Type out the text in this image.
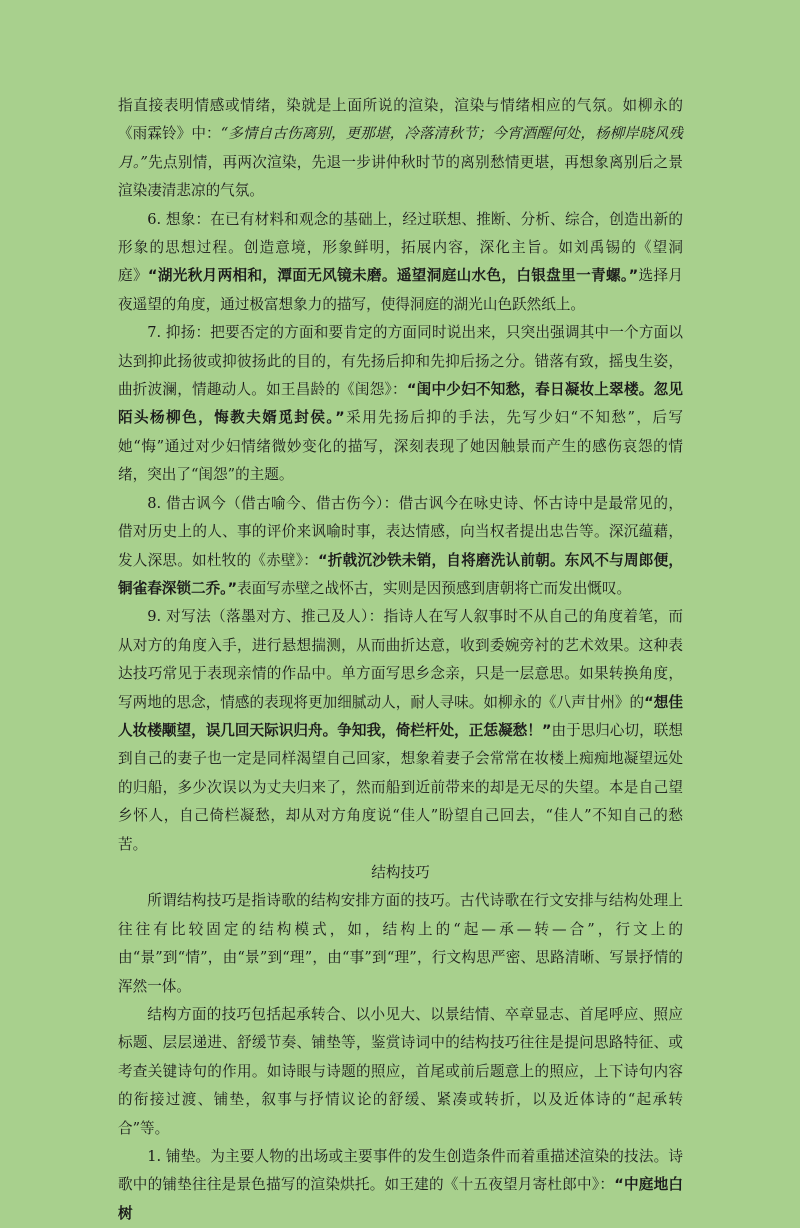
指直接表明情感或情绪，染就是上面所说的渲染，渲染与情绪相应的气氛。如柳永的《雨霖铃》中：“多情自古伤离别，更那堪，冷落清秋节；今宵酒醒何处，杨柳岸晓风残月。”先点别情，再两次渲染，先退一步讲仲秋时节的离别愁情更堪，再想象离别后之景渲染凄清悲凉的气氛。

6. 想象：在已有材料和观念的基础上，经过联想、推断、分析、综合，创造出新的形象的思想过程。创造意境，形象鲜明，拓展内容，深化主旨。如刘禹锡的《望洞庭》“湖光秋月两相和，潭面无风镜未磨。遥望洞庭山水色，白银盘里一青螺。”选择月夜遥望的角度，通过极富想象力的描写，使得洞庭的湖光山色跃然纸上。

7. 抑扬：把要否定的方面和要肯定的方面同时说出来，只突出强调其中一个方面以达到抑此扬彼或抑彼扬此的目的，有先扬后抑和先抑后扬之分。错落有致，摇曳生姿，曲折波澜，情趣动人。如王昌龄的《闺怨》：“闺中少妇不知愁，春日凝妆上翠楼。忽见陌头杨柳色，悔教夫婿觅封侯。”采用先扬后抑的手法，先写少妇“不知愁”，后写她“悔”通过对少妇情绪微妙变化的描写，深刻表现了她因触景而产生的感伤哀怨的情绪，突出了“闺怨”的主题。

8. 借古讽今（借古喻今、借古伤今）：借古讽今在咏史诗、怀古诗中是最常见的，借对历史上的人、事的评价来讽喻时事，表达情感，向当权者提出忠告等。深沉蕴藉，发人深思。如杜牧的《赤壁》：“折戟沉沙铁未销，自将磨洗认前朝。东风不与周郎便，铜雀春深锁二乔。”表面写赤壁之战怀古，实则是因预感到唐朝将亡而发出慨叹。

9. 对写法（落墨对方、推己及人）：指诗人在写人叙事时不从自己的角度着笔，而从对方的角度入手，进行悬想揣测，从而曲折达意，收到委婉旁衬的艺术效果。这种表达技巧常见于表现亲情的作品中。单方面写思乡念亲，只是一层意思。如果转换角度，写两地的思念，情感的表现将更加细腻动人，耐人寻味。如柳永的《八声甘州》的“想佳人妆楼颙望，误几回天际识归舟。争知我，倚栏杆处，正恁凝愁！”由于思归心切，联想到自己的妻子也一定是同样渴望自己回家，想象着妻子会常常在妆楼上痴痴地凝望远处的归船，多少次误以为丈夫归来了，然而船到近前带来的却是无尽的失望。本是自己望乡怀人，自己倚栏凝愁，却从对方角度说“佳人”盼望自己回去，“佳人”不知自己的愁苦。

结构技巧

所谓结构技巧是指诗歌的结构安排方面的技巧。古代诗歌在行文安排与结构处理上往往有比较固定的结构模式，如，结构上的“起—承—转—合”，行文上的由“景”到“情”，由“景”到“理”，由“事”到“理”，行文构思严密、思路清晰、写景抒情的浑然一体。

结构方面的技巧包括起承转合、以小见大、以景结情、卒章显志、首尾呼应、照应标题、层层递进、舒缓节奏、铺垫等，鉴赏诗词中的结构技巧往往是提问思路特征、或考查关键诗句的作用。如诗眼与诗题的照应，首尾或前后题意上的照应，上下诗句内容的衔接过渡、铺垫，叙事与抒情议论的舒缓、紧凑或转折，以及近体诗的“起承转合”等。

1. 铺垫。为主要人物的出场或主要事件的发生创造条件而着重描述渲染的技法。诗歌中的铺垫往往是景色描写的渲染烘托。如王建的《十五夜望月寄杜郎中》：“中庭地白树
